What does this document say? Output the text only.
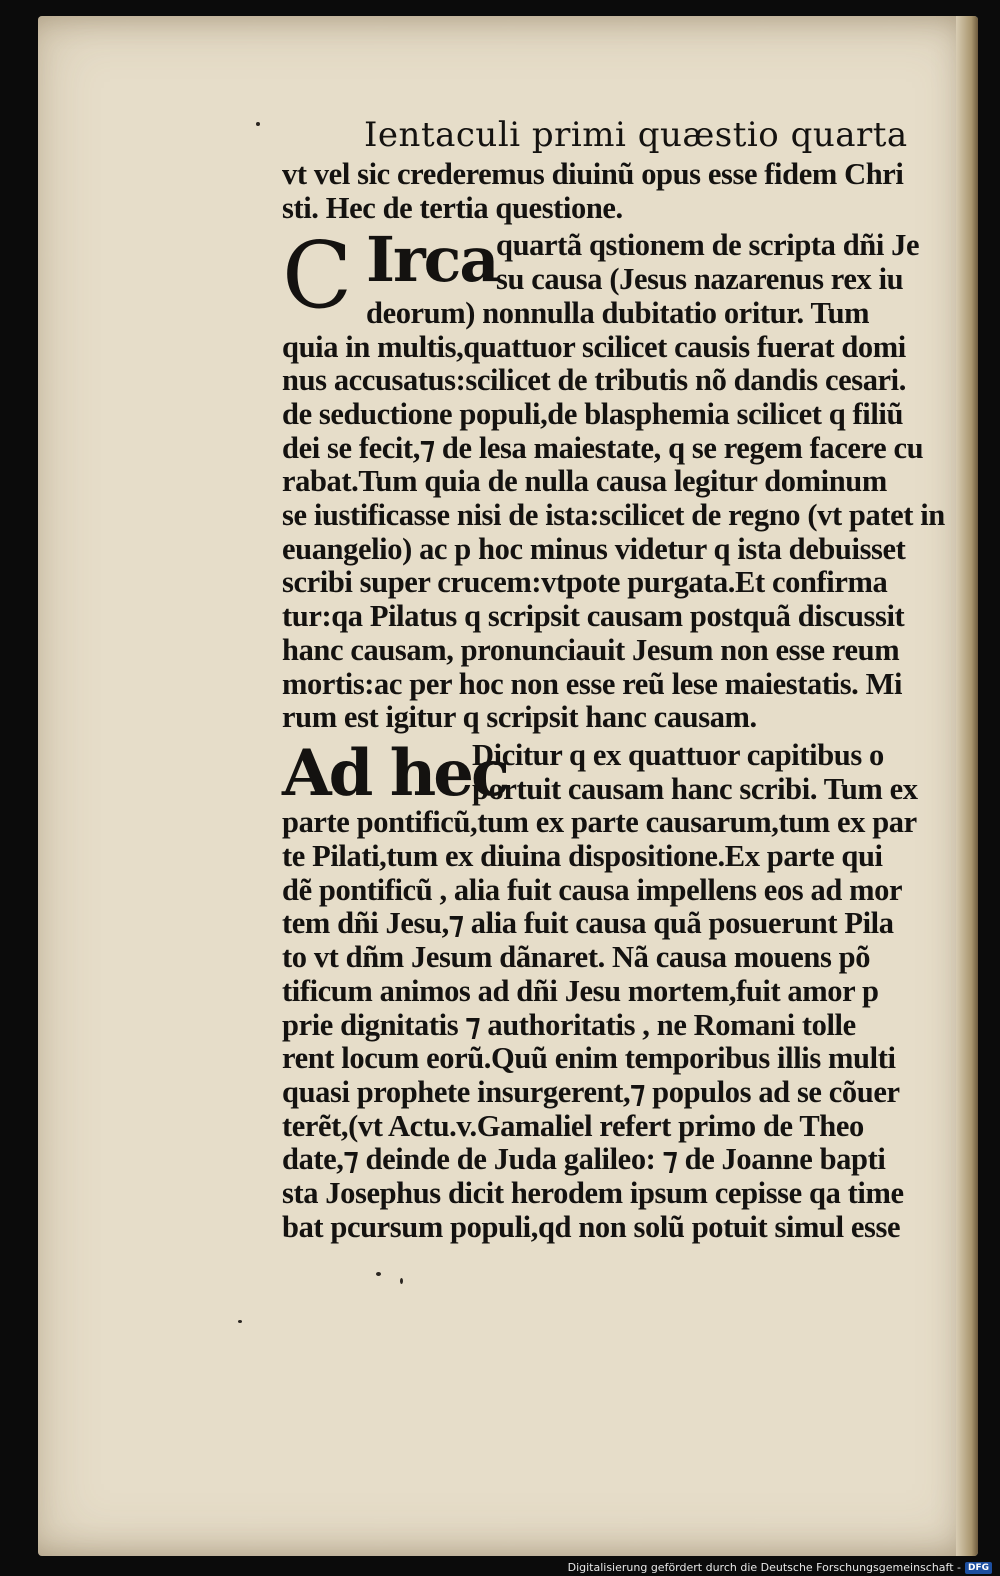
Ientaculi primi quæstio quarta
vt vel sic crederemus diuinũ opus esse fidem Chri
sti. Hec de tertia questione.
quartã qstionem de scripta dñi Je
su causa (Jesus nazarenus rex iu
deorum) nonnulla dubitatio oritur. Tum
quia in multis,quattuor scilicet causis fuerat domi
nus accusatus:scilicet de tributis nõ dandis cesari.
de seductione populi,de blasphemia scilicet q filiũ
dei se fecit,⁊ de lesa maiestate, q se regem facere cu
rabat.Tum quia de nulla causa legitur dominum
se iustificasse nisi de ista:scilicet de regno (vt patet in
euangelio) ac p hoc minus videtur q ista debuisset
scribi super crucem:vtpote purgata.Et confirma
tur:qa Pilatus q scripsit causam postquã discussit
hanc causam, pronunciauit Jesum non esse reum
mortis:ac per hoc non esse reũ lese maiestatis. Mi
rum est igitur q scripsit hanc causam.
Dicitur q ex quattuor capitibus o
portuit causam hanc scribi. Tum ex
parte pontificũ,tum ex parte causarum,tum ex par
te Pilati,tum ex diuina dispositione.Ex parte qui
dẽ pontificũ , alia fuit causa impellens eos ad mor
tem dñi Jesu,⁊ alia fuit causa quã posuerunt Pila
to vt dñm Jesum dãnaret. Nã causa mouens põ
tificum animos ad dñi Jesu mortem,fuit amor p
prie dignitatis ⁊ authoritatis , ne Romani tolle
rent locum eorũ.Quũ enim temporibus illis multi
quasi prophete insurgerent,⁊ populos ad se cõuer
terẽt,(vt Actu.v.Gamaliel refert primo de Theo
date,⁊ deinde de Juda galileo: ⁊ de Joanne bapti
sta Josephus dicit herodem ipsum cepisse qa time
bat pcursum populi,qd non solũ potuit simul esse
C Irca
Ad hec
Digitalisierung gefördert durch die Deutsche Forschungsgemeinschaft - DFG
